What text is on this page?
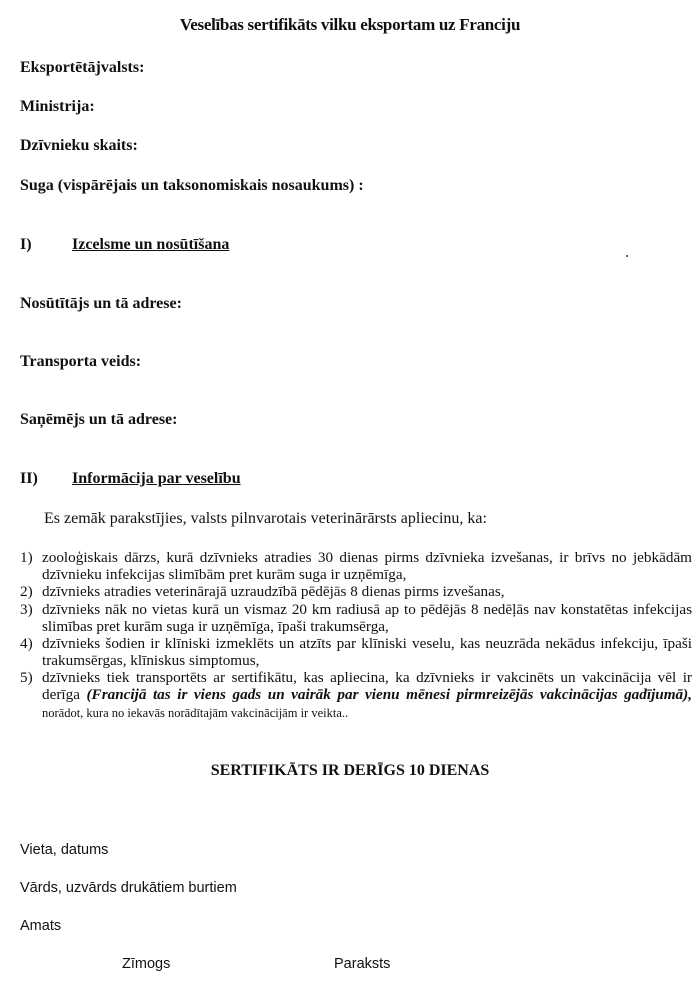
Veselības sertifikāts vilku eksportam uz Franciju
Eksportētājvalsts:
Ministrija:
Dzīvnieku skaits:
Suga (vispārējais un taksonomiskais nosaukums) :
I)	Izcelsme un nosūtīšana
Nosūtītājs un tā adrese:
Transporta veids:
Saņēmējs un tā adrese:
II) Informācija par veselību
Es zemāk parakstījies, valsts pilnvarotais veterinārārsts apliecinu, ka:
1) zooloģiskais dārzs, kurā dzīvnieks atradies 30 dienas pirms dzīvnieka izvešanas, ir brīvs no jebkādām dzīvnieku infekcijas slimībām pret kurām suga ir uzņēmīga,
2) dzīvnieks atradies veterinārajā uzraudzībā pēdējās 8 dienas pirms izvešanas,
3) dzīvnieks nāk no vietas kurā un vismaz 20 km radiusā ap to pēdējās 8 nedēļās nav konstatētas infekcijas slimības pret kurām suga ir uzņēmīga, īpaši trakumsērga,
4) dzīvnieks šodien ir klīniski izmeklēts un atzīts par klīniski veselu, kas neuzrāda nekādus infekciju, īpaši trakumsērgas, klīniskus simptomus,
5) dzīvnieks tiek transportēts ar sertifikātu, kas apliecina, ka dzīvnieks ir vakcinēts un vakcinācija vēl ir derīga (Francijā tas ir viens gads un vairāk par vienu mēnesi pirmreizējās vakcinācijas gadījumā), norādot, kura no iekavās norādītajām vakcinācijām ir veikta..
SERTIFIKĀTS IR DERĪGS 10 DIENAS
Vieta, datums
Vārds, uzvārds drukātiem burtiem
Amats
Zīmogs	Paraksts
